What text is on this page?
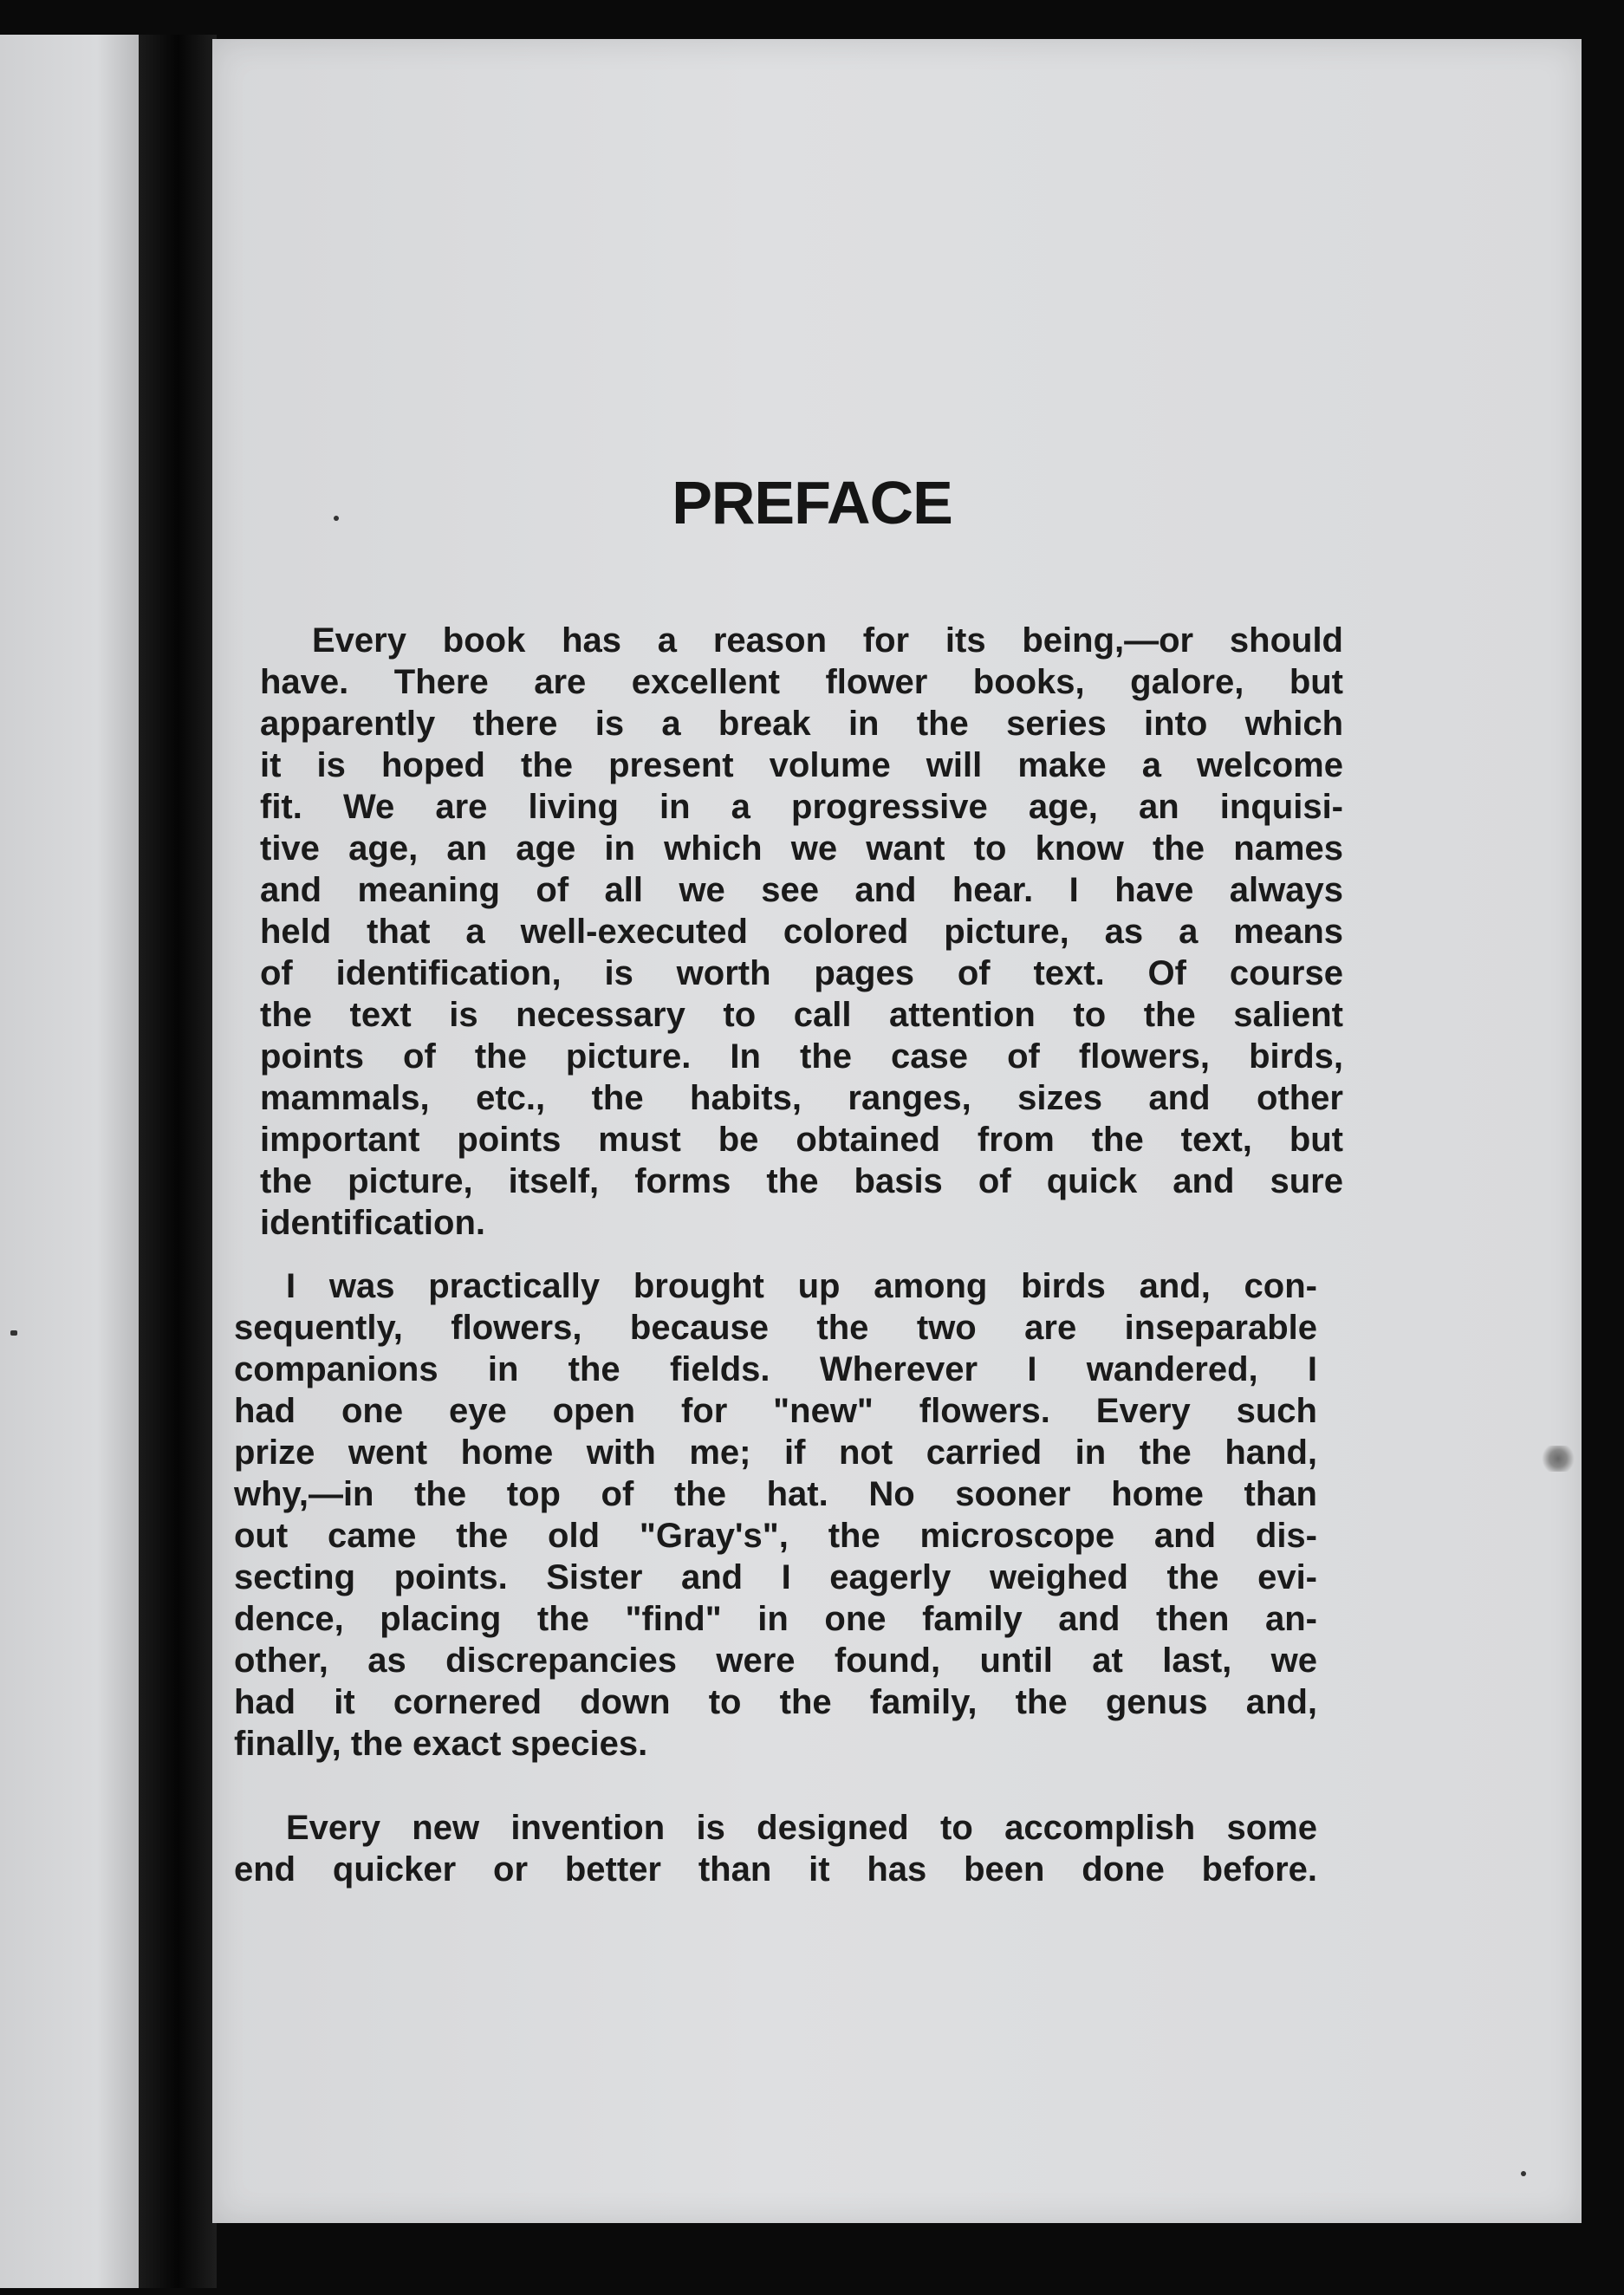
PREFACE
Every book has a reason for its being,—or should
have. There are excellent flower books, galore, but
apparently there is a break in the series into which
it is hoped the present volume will make a welcome
fit. We are living in a progressive age, an inquisi-
tive age, an age in which we want to know the names
and meaning of all we see and hear. I have always
held that a well-executed colored picture, as a means
of identification, is worth pages of text. Of course
the text is necessary to call attention to the salient
points of the picture. In the case of flowers, birds,
mammals, etc., the habits, ranges, sizes and other
important points must be obtained from the text, but
the picture, itself, forms the basis of quick and sure
identification.
I was practically brought up among birds and, con-
sequently, flowers, because the two are inseparable
companions in the fields. Wherever I wandered, I
had one eye open for "new" flowers. Every such
prize went home with me; if not carried in the hand,
why,—in the top of the hat. No sooner home than
out came the old "Gray's", the microscope and dis-
secting points. Sister and I eagerly weighed the evi-
dence, placing the "find" in one family and then an-
other, as discrepancies were found, until at last, we
had it cornered down to the family, the genus and,
finally, the exact species.
Every new invention is designed to accomplish some
end quicker or better than it has been done before.
